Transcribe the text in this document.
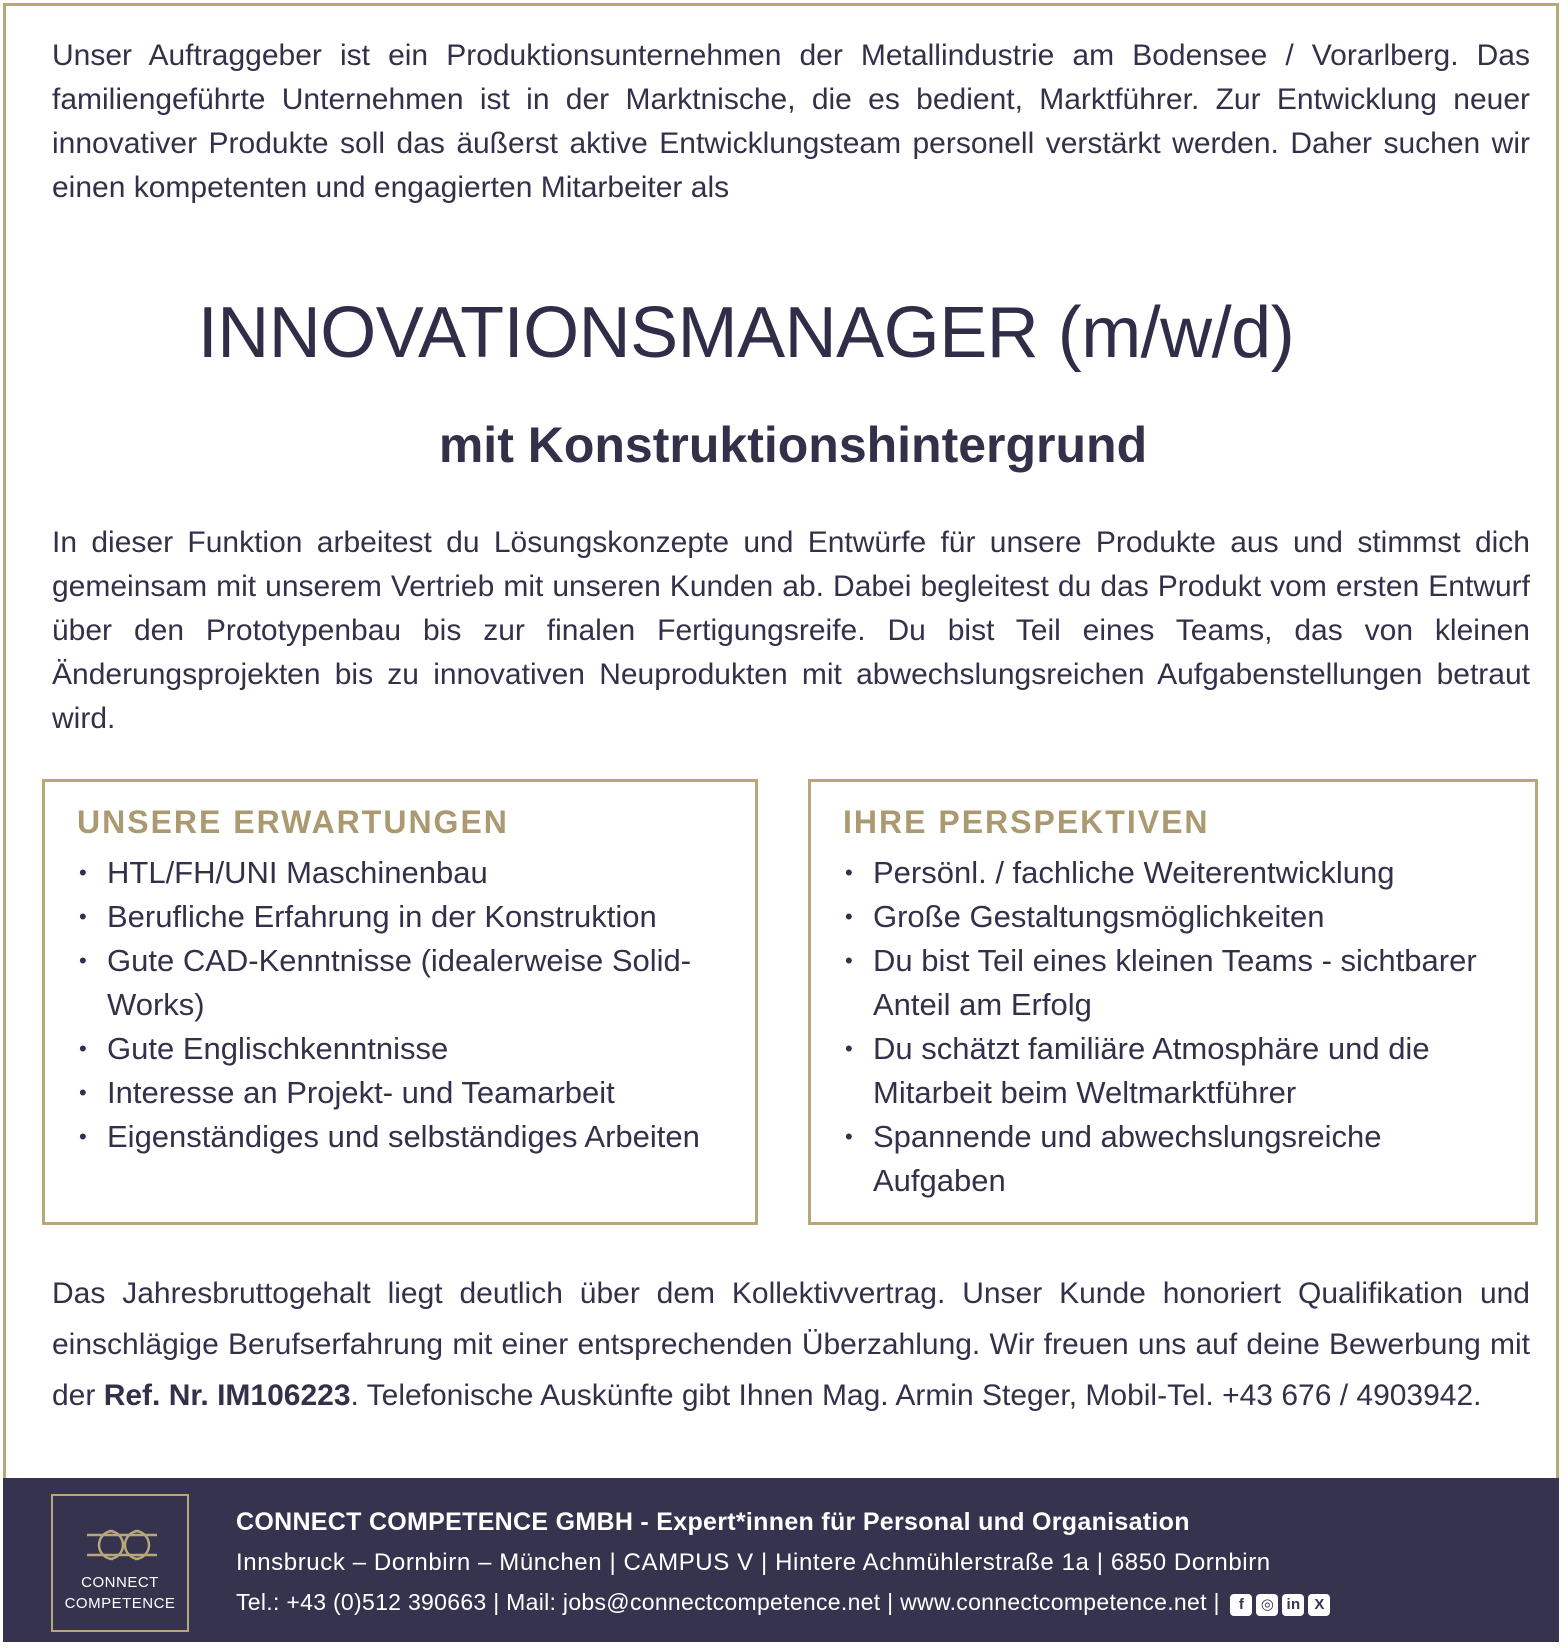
Unser Auftraggeber ist ein Produktionsunternehmen der Metallindustrie am Bodensee / Vorarlberg. Das familiengeführte Unternehmen ist in der Marktnische, die es bedient, Marktführer. Zur Entwicklung neuer innovativer Produkte soll das äußerst aktive Entwicklungsteam personell verstärkt werden. Daher suchen wir einen kompetenten und engagierten Mitarbeiter als

INNOVATIONSMANAGER (m/w/d)
mit Konstruktionshintergrund

In dieser Funktion arbeitest du Lösungskonzepte und Entwürfe für unsere Produkte aus und stimmst dich gemeinsam mit unserem Vertrieb mit unseren Kunden ab. Dabei begleitest du das Produkt vom ersten Entwurf über den Prototypenbau bis zur finalen Fertigungsreife. Du bist Teil eines Teams, das von kleinen Änderungsprojekten bis zu innovativen Neuprodukten mit abwechslungsreichen Aufgabenstellungen betraut wird.

UNSERE ERWARTUNGEN
• HTL/FH/UNI Maschinenbau
• Berufliche Erfahrung in der Konstruktion
• Gute CAD-Kenntnisse (idealerweise Solid-Works)
• Gute Englischkenntnisse
• Interesse an Projekt- und Teamarbeit
• Eigenständiges und selbständiges Arbeiten
IHRE PERSPEKTIVEN
• Persönl. / fachliche Weiterentwicklung
• Große Gestaltungsmöglichkeiten
• Du bist Teil eines kleinen Teams - sichtbarer Anteil am Erfolg
• Du schätzt familiäre Atmosphäre und die Mitarbeit beim Weltmarktführer
• Spannende und abwechslungsreiche Aufgaben

Das Jahresbruttogehalt liegt deutlich über dem Kollektivvertrag. Unser Kunde honoriert Qualifikation und einschlägige Berufserfahrung mit einer entsprechenden Überzahlung. Wir freuen uns auf deine Bewerbung mit der Ref. Nr. IM106223. Telefonische Auskünfte gibt Ihnen Mag. Armin Steger, Mobil-Tel. +43 676 / 4903942.

CONNECT
COMPETENCE
CONNECT COMPETENCE GMBH - Expert*innen für Personal und Organisation
Innsbruck – Dornbirn – München | CAMPUS V | Hintere Achmühlerstraße 1a | 6850 Dornbirn
Tel.: +43 (0)512 390663 | Mail: jobs@connectcompetence.net | www.connectcompetence.net | f ◎ in X
